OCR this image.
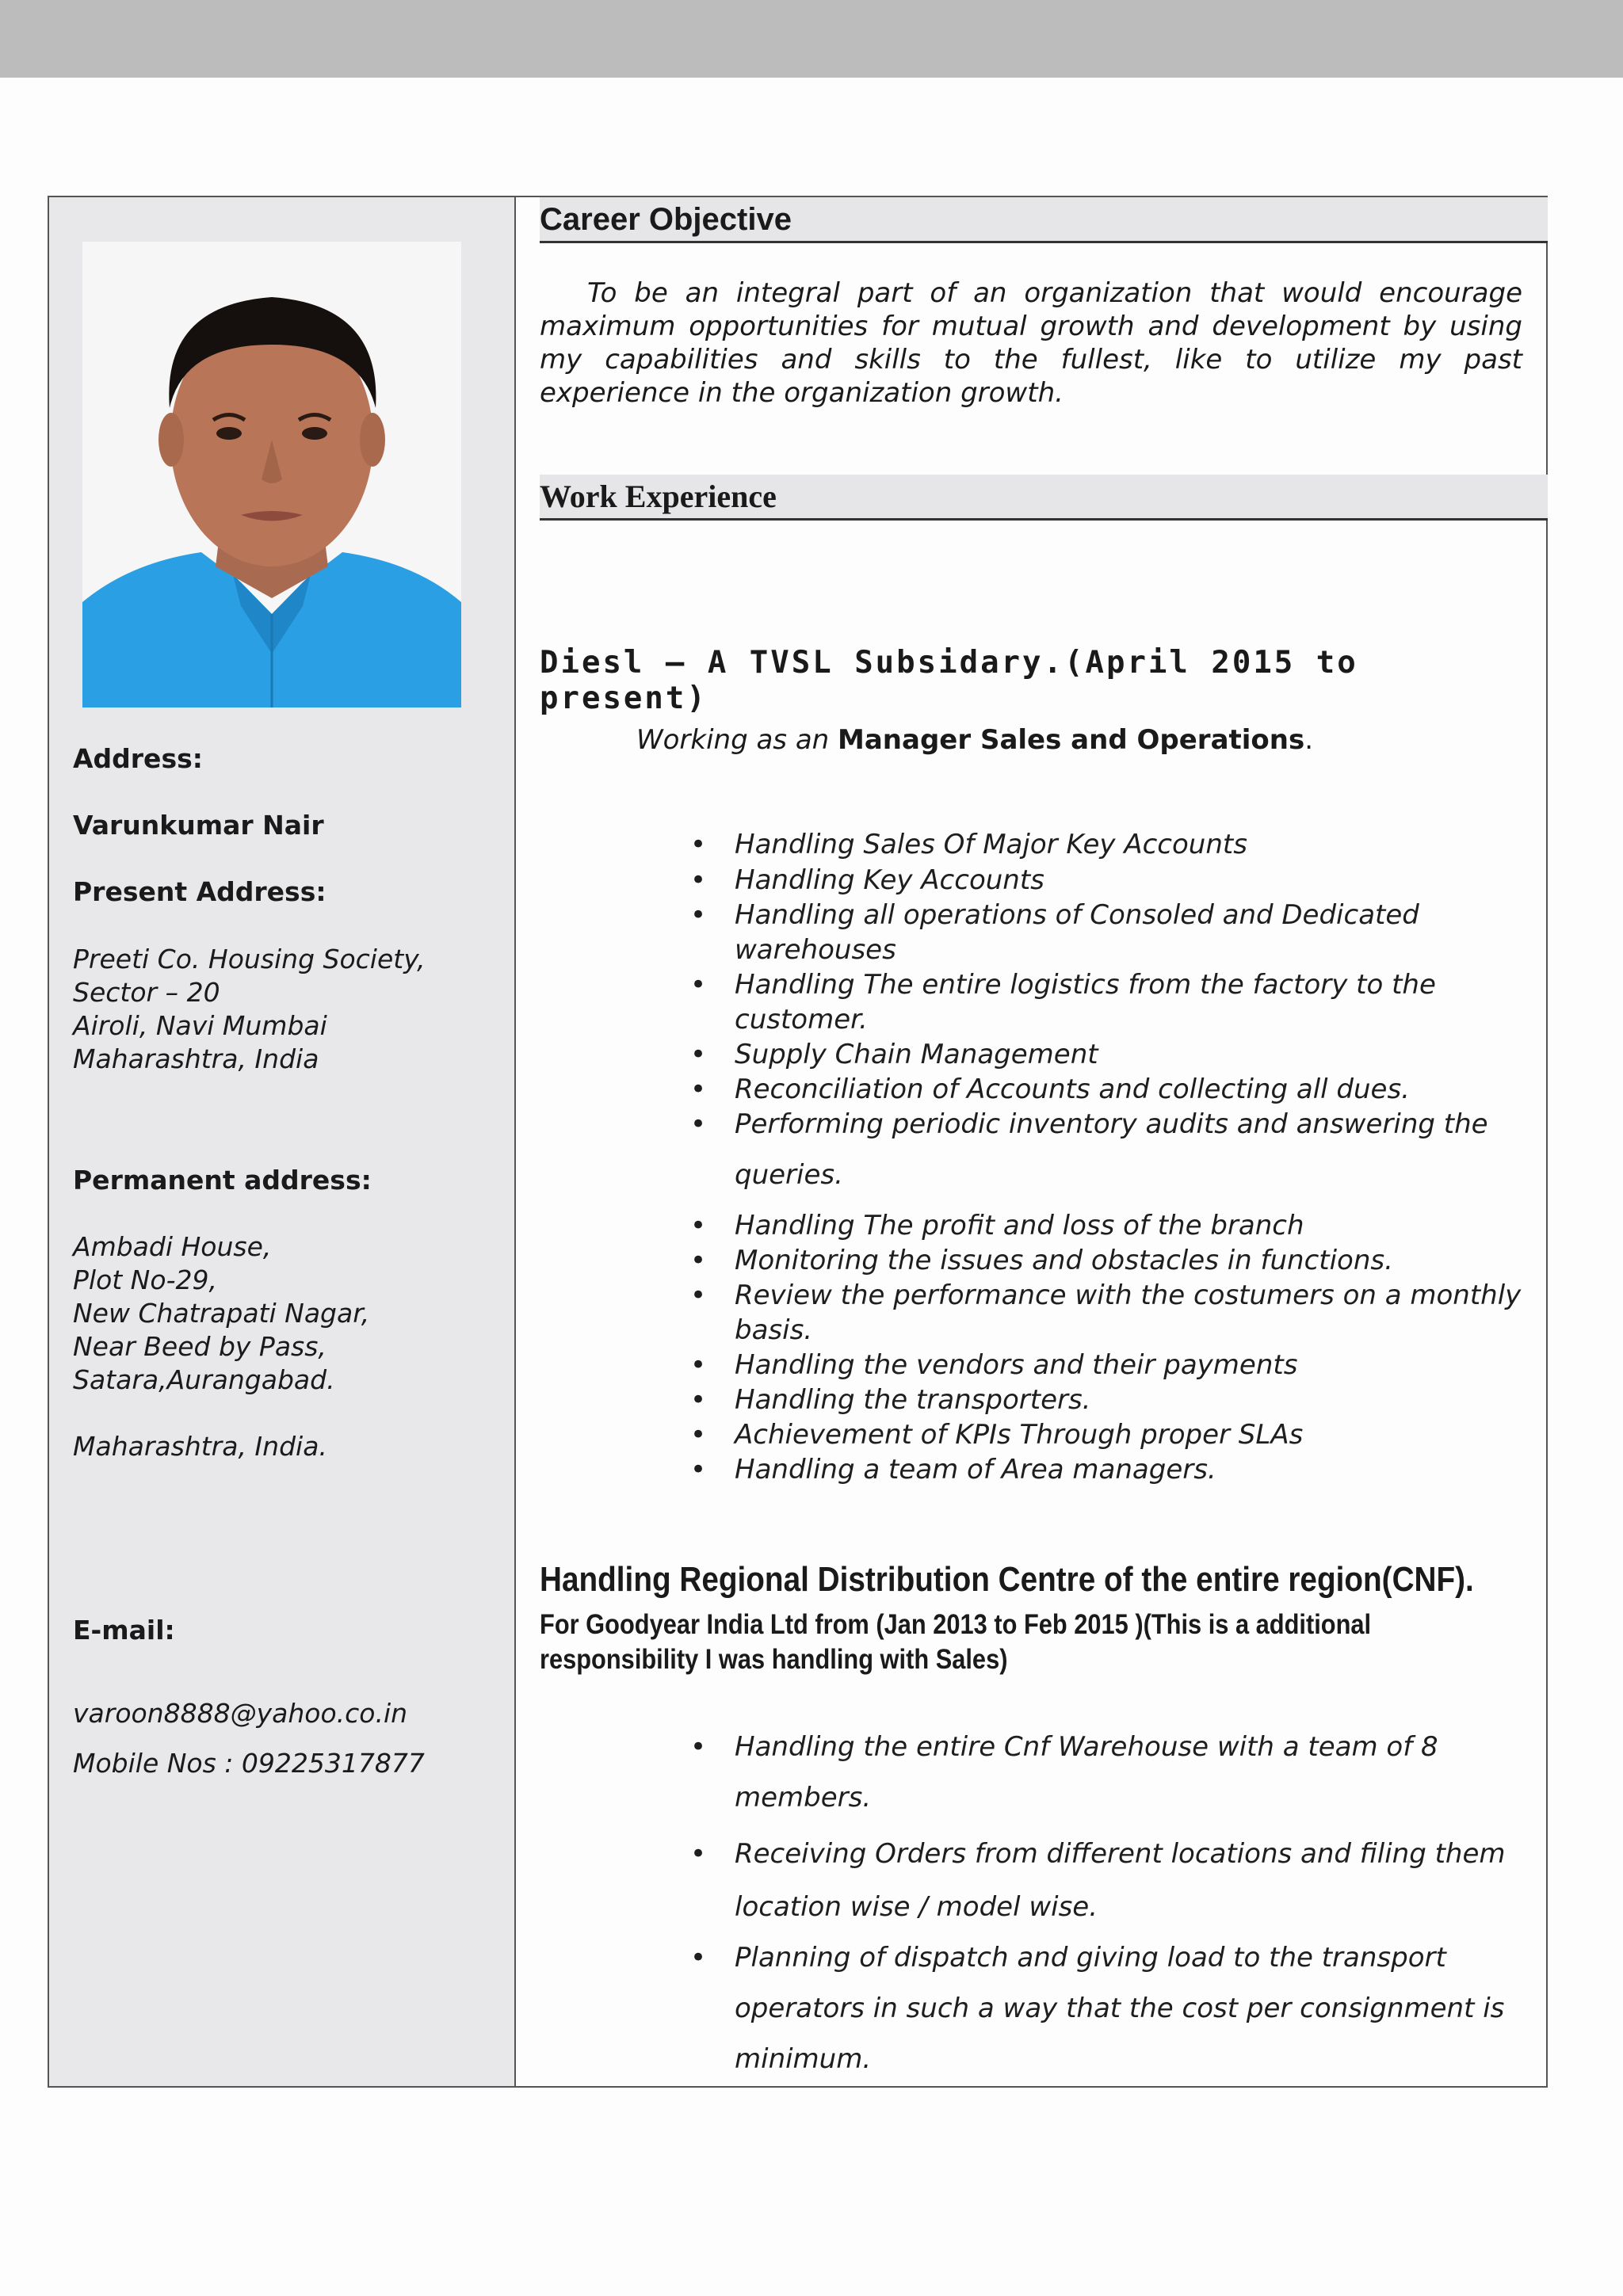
Address:
Varunkumar Nair
Present Address:
Preeti Co. Housing Society,
Sector – 20
Airoli, Navi Mumbai
Maharashtra, India
Permanent address:
Ambadi House,
Plot No-29,
New Chatrapati Nagar,
Near Beed by Pass,
Satara,Aurangabad.
Maharashtra, India.
E-mail:
varoon8888@yahoo.co.in
Mobile Nos : 09225317877
Career Objective
To be an integral part of an organization that would encourage maximum opportunities for mutual growth and development by using my capabilities and skills to the fullest, like to utilize my past experience in the organization growth.
Work Experience
Diesl – A TVSL Subsidary.(April 2015 to present)
Working as an Manager Sales and Operations.
• Handling Sales Of Major Key Accounts
• Handling Key Accounts
• Handling all operations of Consoled and Dedicated
warehouses
• Handling The entire logistics from the factory to the
customer.
• Supply Chain Management
• Reconciliation of Accounts and collecting all dues.
• Performing periodic inventory audits and answering the
queries.
• Handling The profit and loss of the branch
• Monitoring the issues and obstacles in functions.
• Review the performance with the costumers on a monthly
basis.
• Handling the vendors and their payments
• Handling the transporters.
• Achievement of KPIs Through proper SLAs
• Handling a team of Area managers.
Handling Regional Distribution Centre of the entire region(CNF).
For Goodyear India Ltd from (Jan 2013 to Feb 2015 )(This is a additional responsibility I was handling with Sales)
• Handling the entire Cnf Warehouse with a team of 8
members.
• Receiving Orders from different locations and filing them
location wise / model wise.
• Planning of dispatch and giving load to the transport
operators in such a way that the cost per consignment is
minimum.
